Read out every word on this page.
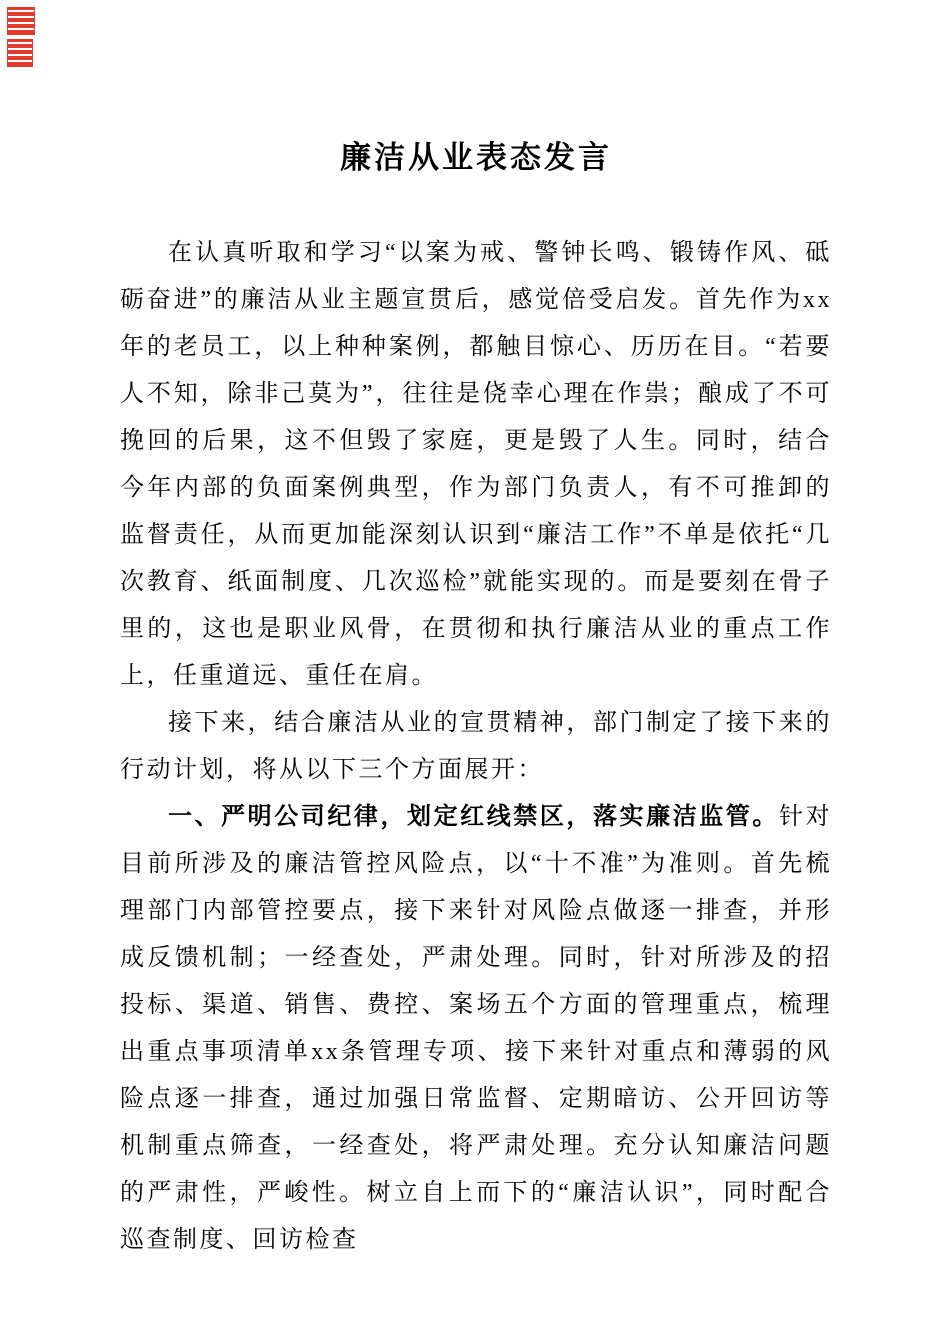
廉洁从业表态发言

在认真听取和学习“以案为戒、警钟长鸣、锻铸作风、砥砺奋进”的廉洁从业主题宣贯后，感觉倍受启发。首先作为xx年的老员工，以上种种案例，都触目惊心、历历在目。“若要人不知，除非己莫为”，往往是侥幸心理在作祟；酿成了不可挽回的后果，这不但毁了家庭，更是毁了人生。同时，结合今年内部的负面案例典型，作为部门负责人，有不可推卸的监督责任，从而更加能深刻认识到“廉洁工作”不单是依托“几次教育、纸面制度、几次巡检”就能实现的。而是要刻在骨子里的，这也是职业风骨，在贯彻和执行廉洁从业的重点工作上，任重道远、重任在肩。

接下来，结合廉洁从业的宣贯精神，部门制定了接下来的行动计划，将从以下三个方面展开：

一、严明公司纪律，划定红线禁区，落实廉洁监管。针对目前所涉及的廉洁管控风险点，以“十不准”为准则。首先梳理部门内部管控要点，接下来针对风险点做逐一排查，并形成反馈机制；一经查处，严肃处理。同时，针对所涉及的招投标、渠道、销售、费控、案场五个方面的管理重点，梳理出重点事项清单xx条管理专项、接下来针对重点和薄弱的风险点逐一排查，通过加强日常监督、定期暗访、公开回访等机制重点筛查，一经查处，将严肃处理。充分认知廉洁问题的严肃性，严峻性。树立自上而下的“廉洁认识”，同时配合巡查制度、回访检查
